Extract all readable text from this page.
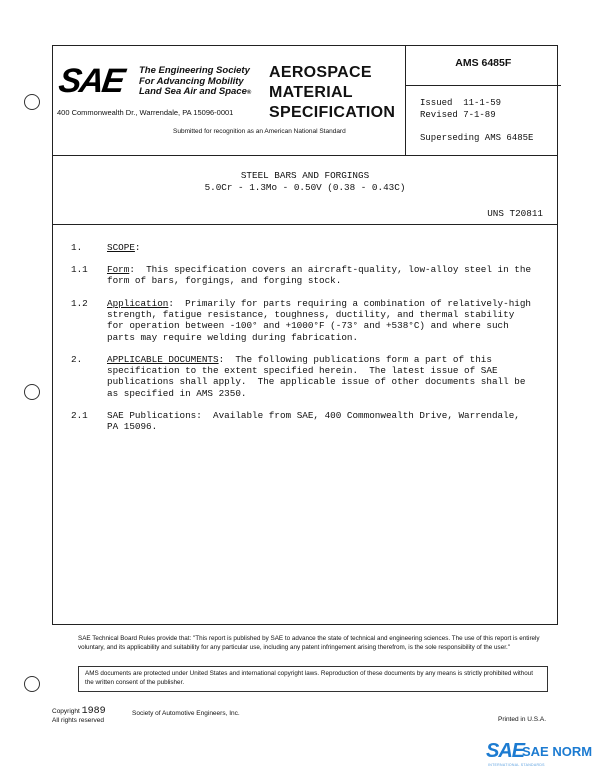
SAE The Engineering Society
For Advancing Mobility
Land Sea Air and Space®
400 Commonwealth Dr., Warrendale, PA 15096-0001
AEROSPACE
MATERIAL
SPECIFICATION
Submitted for recognition as an American National Standard
AMS 6485F
Issued  11-1-59
Revised 7-1-89
Superseding AMS 6485E
STEEL BARS AND FORGINGS
5.0Cr - 1.3Mo - 0.50V (0.38 - 0.43C)
UNS T20811
1.	SCOPE:
1.1 Form:  This specification covers an aircraft-quality, low-alloy steel in the
form of bars, forgings, and forging stock.
1.2 Application:  Primarily for parts requiring a combination of relatively-high
strength, fatigue resistance, toughness, ductility, and thermal stability
for operation between -100° and +1000°F (-73° and +538°C) and where such
parts may require welding during fabrication.
2.	APPLICABLE DOCUMENTS:  The following publications form a part of this
specification to the extent specified herein.  The latest issue of SAE
publications shall apply.  The applicable issue of other documents shall be
as specified in AMS 2350.
2.1 SAE Publications:  Available from SAE, 400 Commonwealth Drive, Warrendale,
PA 15096.
SAE Technical Board Rules provide that: "This report is published by SAE to advance the state of technical and engineering sciences. The use of this report is entirely voluntary, and its applicability and suitability for any particular use, including any patent infringement arising therefrom, is the sole responsibility of the user."
AMS documents are protected under United States and international copyright laws. Reproduction of these documents by any means is strictly prohibited without the written consent of the publisher.
Copyright 1989
All rights reserved
Society of Automotive Engineers, Inc.
Printed in U.S.A.
SAE
SAE NORM
INTERNATIONAL STANDARDS
